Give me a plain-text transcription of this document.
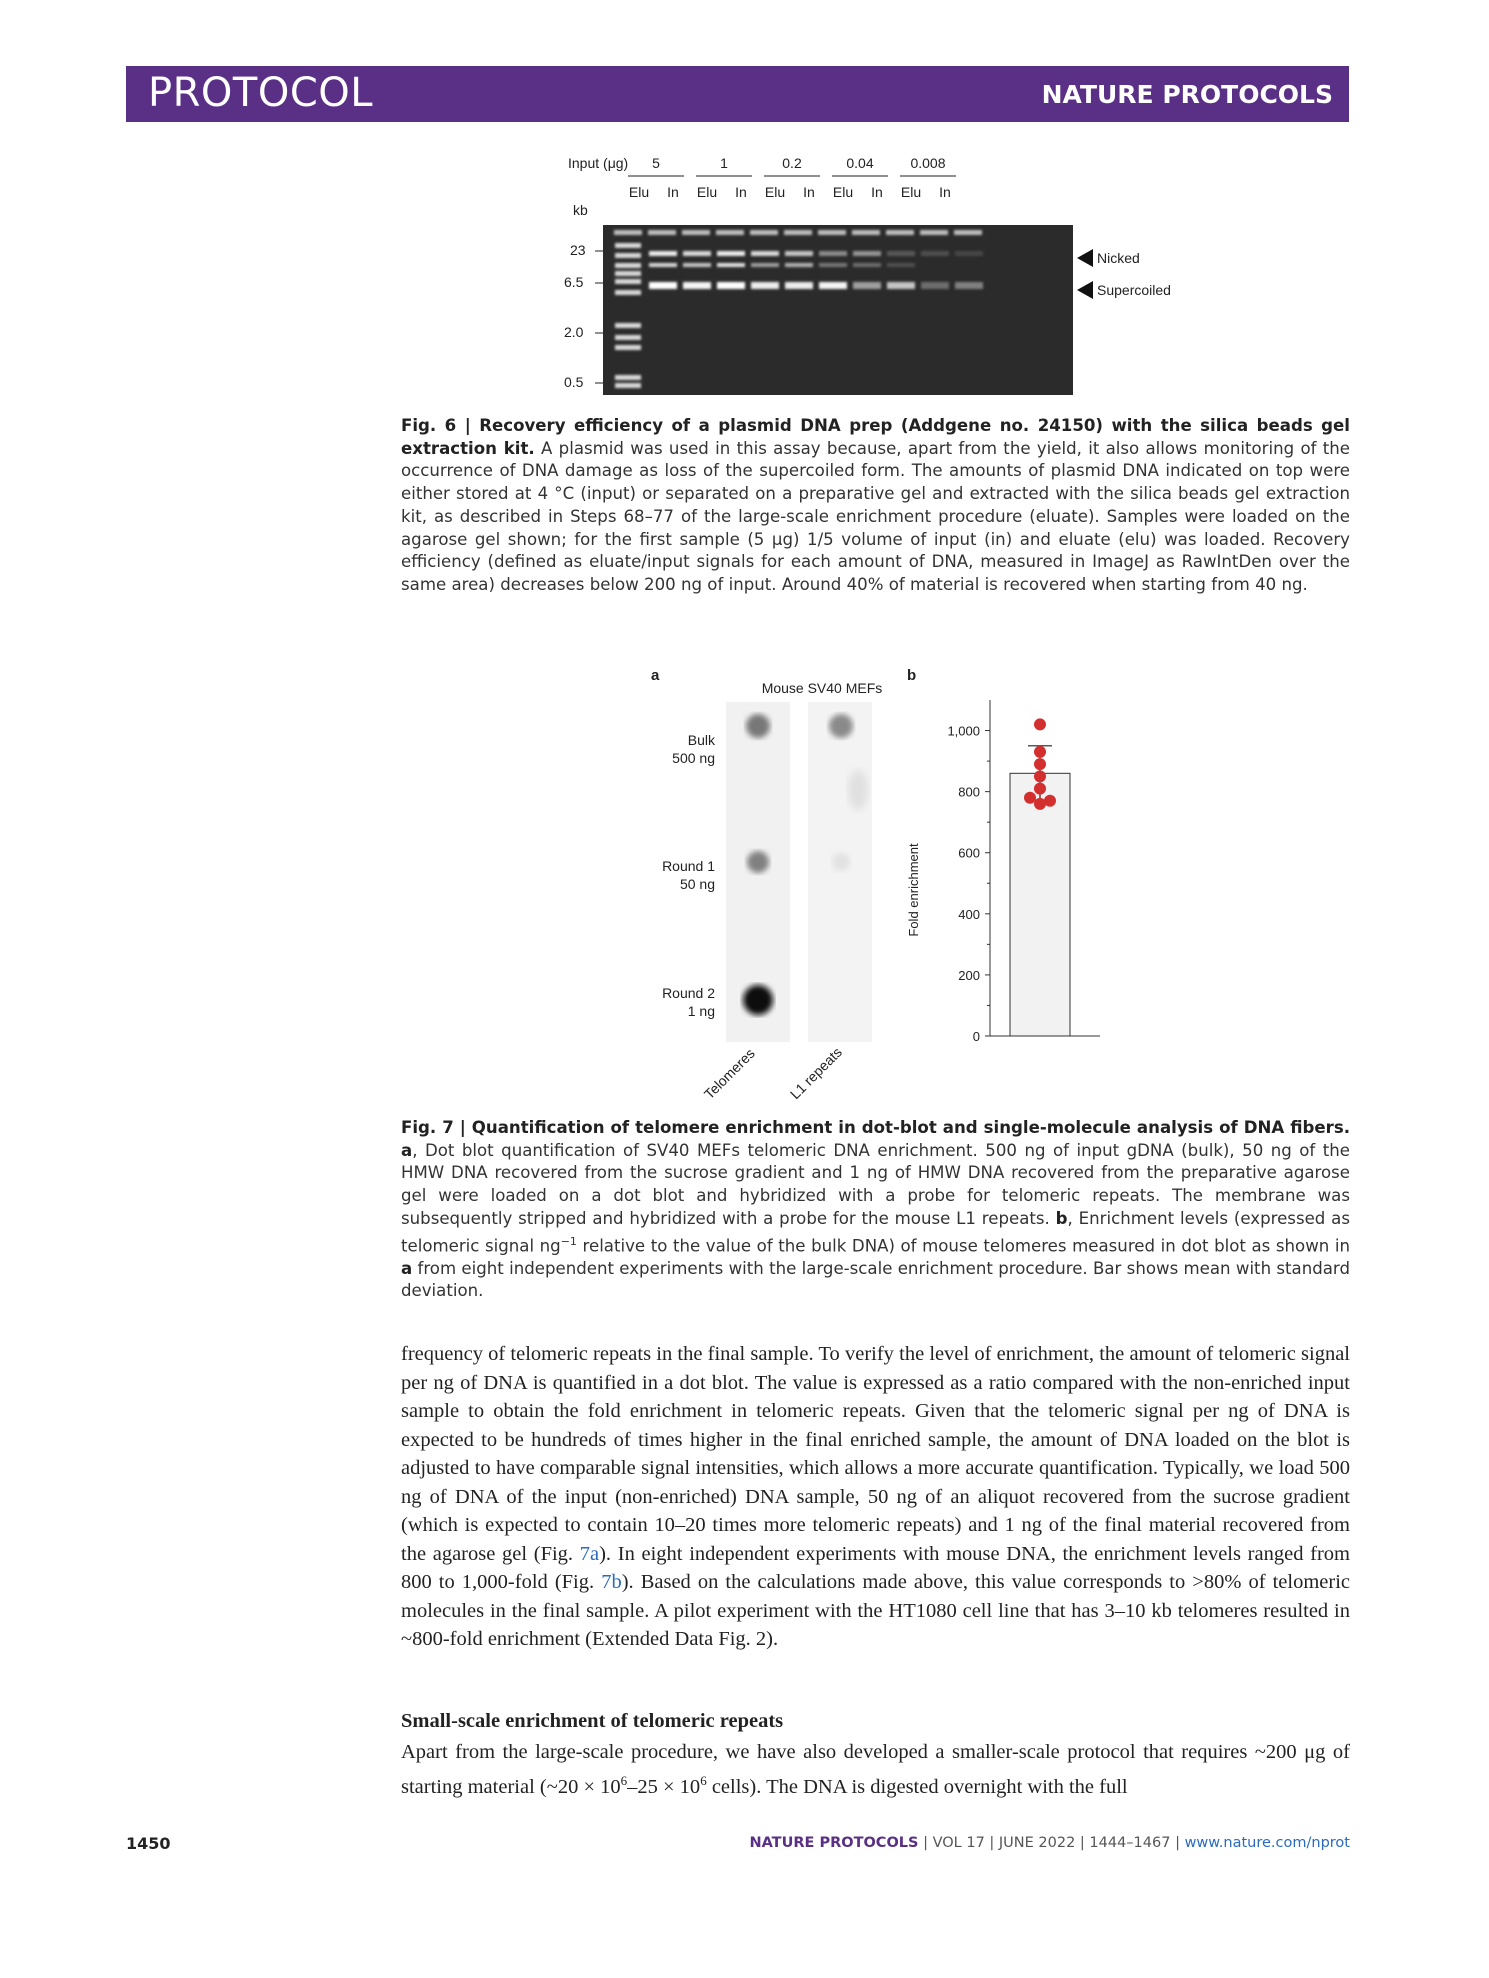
PROTOCOL	NATURE PROTOCOLS
Input (μg) 5	1	0.2	0.04	0.008
Elu In Elu In Elu In Elu In Elu In
kb
23
6.5
2.0
0.5
Nicked
Supercoiled
Fig. 6 | Recovery efficiency of a plasmid DNA prep (Addgene no. 24150) with the silica beads gel extraction kit. A plasmid was used in this assay because, apart from the yield, it also allows monitoring of the occurrence of DNA damage as loss of the supercoiled form. The amounts of plasmid DNA indicated on top were either stored at 4 °C (input) or separated on a preparative gel and extracted with the silica beads gel extraction kit, as described in Steps 68–77 of the large-scale enrichment procedure (eluate). Samples were loaded on the agarose gel shown; for the first sample (5 μg) 1/5 volume of input (in) and eluate (elu) was loaded. Recovery efficiency (defined as eluate/input signals for each amount of DNA, measured in ImageJ as RawIntDen over the same area) decreases below 200 ng of input. Around 40% of material is recovered when starting from 40 ng.
a	b
Mouse SV40 MEFs
Bulk
500 ng
Round 1
50 ng
Round 2
1 ng
Telomeres L1 repeats
Fold enrichment
0
200
400
600
800
1,000
Fig. 7 | Quantification of telomere enrichment in dot-blot and single-molecule analysis of DNA fibers. a, Dot blot quantification of SV40 MEFs telomeric DNA enrichment. 500 ng of input gDNA (bulk), 50 ng of the HMW DNA recovered from the sucrose gradient and 1 ng of HMW DNA recovered from the preparative agarose gel were loaded on a dot blot and hybridized with a probe for telomeric repeats. The membrane was subsequently stripped and hybridized with a probe for the mouse L1 repeats. b, Enrichment levels (expressed as telomeric signal $ng^{-1}$ relative to the value of the bulk DNA) of mouse telomeres measured in dot blot as shown in a from eight independent experiments with the large-scale enrichment procedure. Bar shows mean with standard deviation.

frequency of telomeric repeats in the final sample. To verify the level of enrichment, the amount of telomeric signal per ng of DNA is quantified in a dot blot. The value is expressed as a ratio compared with the non-enriched input sample to obtain the fold enrichment in telomeric repeats. Given that the telomeric signal per ng of DNA is expected to be hundreds of times higher in the final enriched sample, the amount of DNA loaded on the blot is adjusted to have comparable signal intensities, which allows a more accurate quantification. Typically, we load 500 ng of DNA of the input (non-enriched) DNA sample, 50 ng of an aliquot recovered from the sucrose gradient (which is expected to contain 10–20 times more telomeric repeats) and 1 ng of the final material recovered from the agarose gel (Fig. 7a). In eight independent experiments with mouse DNA, the enrichment levels ranged from 800 to 1,000-fold (Fig. 7b). Based on the calculations made above, this value corresponds to >80% of telomeric molecules in the final sample. A pilot experiment with the HT1080 cell line that has 3–10 kb telomeres resulted in ~800-fold enrichment (Extended Data Fig. 2).

Small-scale enrichment of telomeric repeats

Apart from the large-scale procedure, we have also developed a smaller-scale protocol that requires ~200 μg of starting material (~20 × $10^6-25 \times 10^6$ cells). The DNA is digested overnight with the full

1450	NATURE PROTOCOLS | VOL 17 | JUNE 2022 | 1444–1467 | www.nature.com/nprot
